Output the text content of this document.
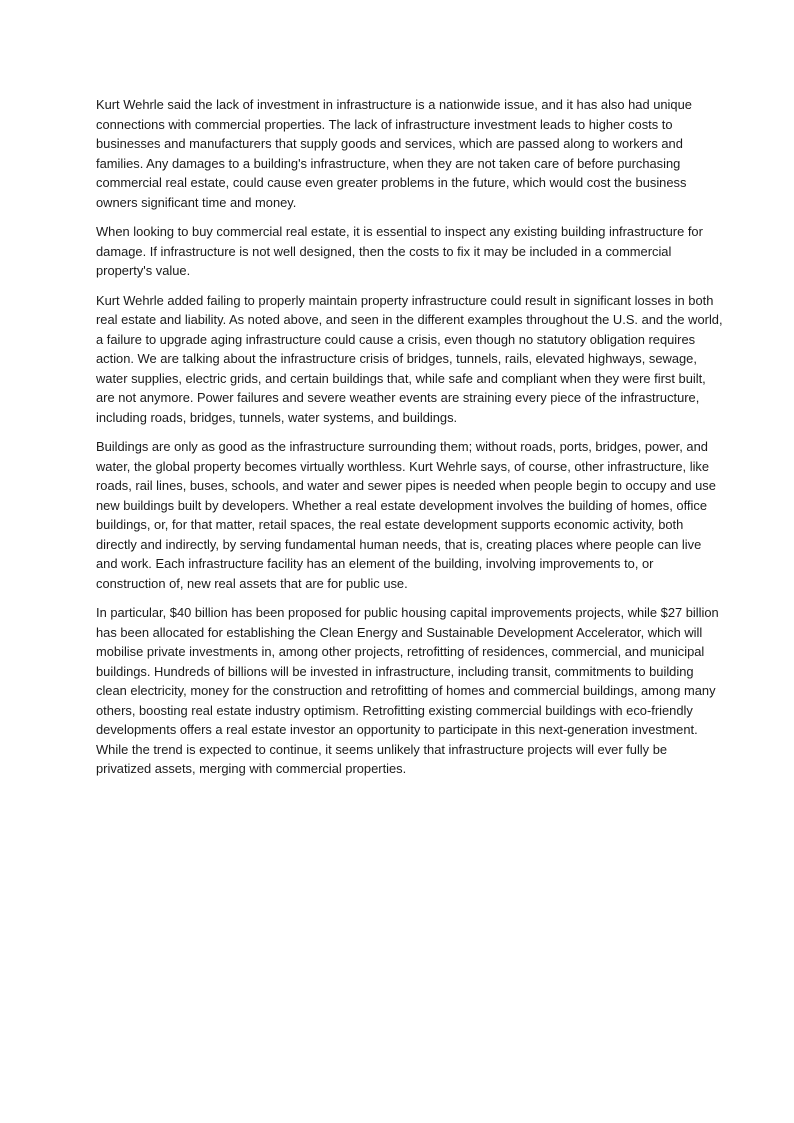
Kurt Wehrle said the lack of investment in infrastructure is a nationwide issue, and it has also had unique connections with commercial properties. The lack of infrastructure investment leads to higher costs to businesses and manufacturers that supply goods and services, which are passed along to workers and families. Any damages to a building's infrastructure, when they are not taken care of before purchasing commercial real estate, could cause even greater problems in the future, which would cost the business owners significant time and money.

When looking to buy commercial real estate, it is essential to inspect any existing building infrastructure for damage. If infrastructure is not well designed, then the costs to fix it may be included in a commercial property's value.

Kurt Wehrle added failing to properly maintain property infrastructure could result in significant losses in both real estate and liability. As noted above, and seen in the different examples throughout the U.S. and the world, a failure to upgrade aging infrastructure could cause a crisis, even though no statutory obligation requires action. We are talking about the infrastructure crisis of bridges, tunnels, rails, elevated highways, sewage, water supplies, electric grids, and certain buildings that, while safe and compliant when they were first built, are not anymore. Power failures and severe weather events are straining every piece of the infrastructure, including roads, bridges, tunnels, water systems, and buildings.

Buildings are only as good as the infrastructure surrounding them; without roads, ports, bridges, power, and water, the global property becomes virtually worthless. Kurt Wehrle says, of course, other infrastructure, like roads, rail lines, buses, schools, and water and sewer pipes is needed when people begin to occupy and use new buildings built by developers. Whether a real estate development involves the building of homes, office buildings, or, for that matter, retail spaces, the real estate development supports economic activity, both directly and indirectly, by serving fundamental human needs, that is, creating places where people can live and work. Each infrastructure facility has an element of the building, involving improvements to, or construction of, new real assets that are for public use.

In particular, $40 billion has been proposed for public housing capital improvements projects, while $27 billion has been allocated for establishing the Clean Energy and Sustainable Development Accelerator, which will mobilise private investments in, among other projects, retrofitting of residences, commercial, and municipal buildings. Hundreds of billions will be invested in infrastructure, including transit, commitments to building clean electricity, money for the construction and retrofitting of homes and commercial buildings, among many others, boosting real estate industry optimism. Retrofitting existing commercial buildings with eco-friendly developments offers a real estate investor an opportunity to participate in this next-generation investment. While the trend is expected to continue, it seems unlikely that infrastructure projects will ever fully be privatized assets, merging with commercial properties.
